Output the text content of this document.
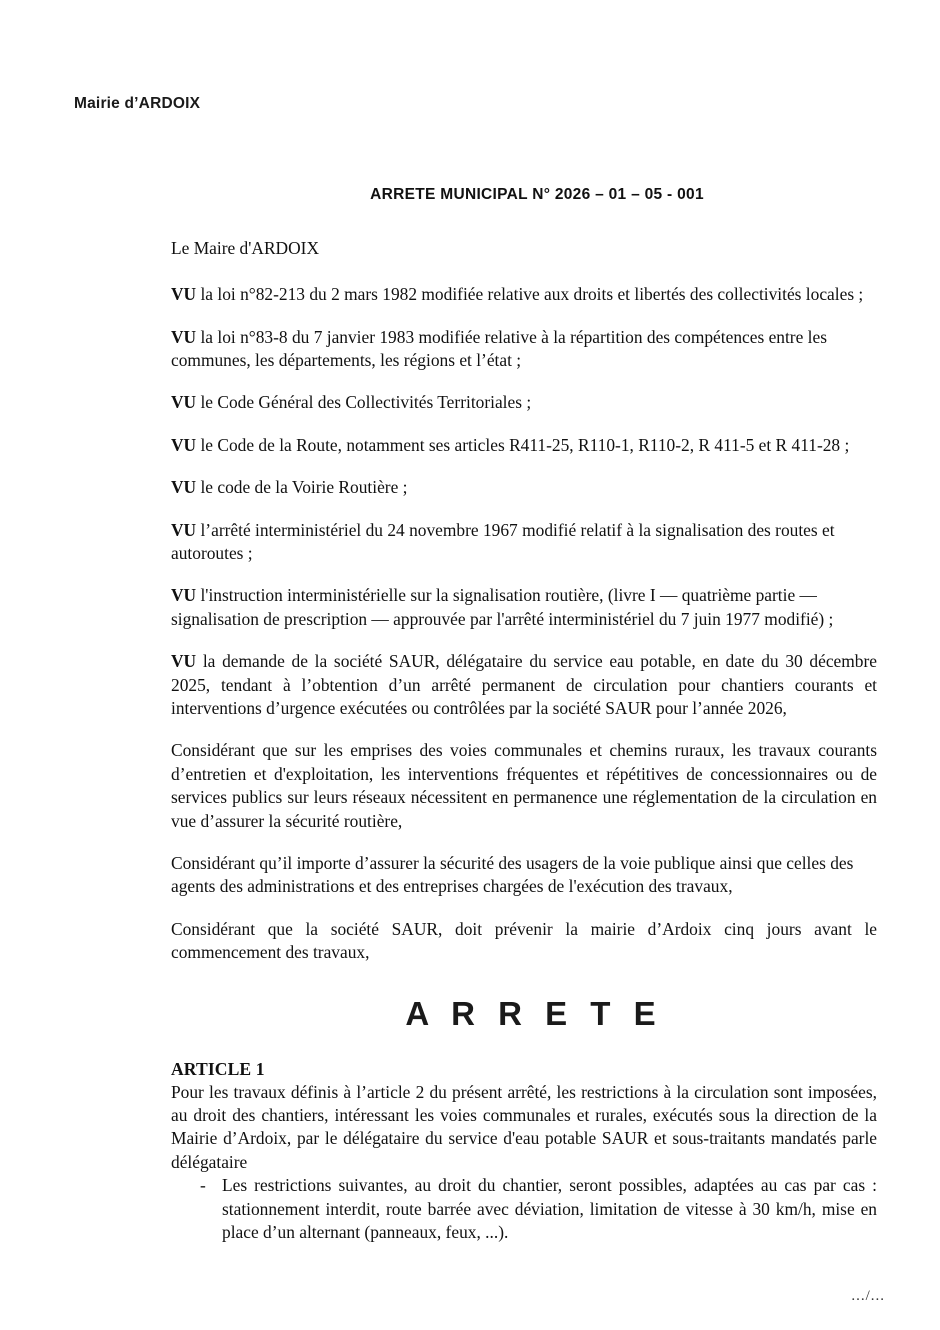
Mairie d’ARDOIX
ARRETE MUNICIPAL N° 2026 – 01 – 05 - 001
Le Maire d'ARDOIX

VU la loi n°82-213 du 2 mars 1982 modifiée relative aux droits et libertés des collectivités locales ;

VU la loi n°83-8 du 7 janvier 1983 modifiée relative à la répartition des compétences entre les communes, les départements, les régions et l’état ;

VU le Code Général des Collectivités Territoriales ;

VU le Code de la Route, notamment ses articles R411-25, R110-1, R110-2, R 411-5 et R 411-28 ;

VU le code de la Voirie Routière ;

VU l’arrêté interministériel du 24 novembre 1967 modifié relatif à la signalisation des routes et autoroutes ;

VU l'instruction interministérielle sur la signalisation routière, (livre I — quatrième partie — signalisation de prescription — approuvée par l'arrêté interministériel du 7 juin 1977 modifié) ;

VU la demande de la société SAUR, délégataire du service eau potable, en date du 30 décembre 2025, tendant à l’obtention d’un arrêté permanent de circulation pour chantiers courants et interventions d’urgence exécutées ou contrôlées par la société SAUR pour l’année 2026,

Considérant que sur les emprises des voies communales et chemins ruraux, les travaux courants d’entretien et d'exploitation, les interventions fréquentes et répétitives de concessionnaires ou de services publics sur leurs réseaux nécessitent en permanence une réglementation de la circulation en vue d’assurer la sécurité routière,

Considérant qu’il importe d’assurer la sécurité des usagers de la voie publique ainsi que celles des agents des administrations et des entreprises chargées de l'exécution des travaux,

Considérant que la société SAUR, doit prévenir la mairie d’Ardoix cinq jours avant le commencement des travaux,

A R R E T E
ARTICLE 1

Pour les travaux définis à l’article 2 du présent arrêté, les restrictions à la circulation sont imposées, au droit des chantiers, intéressant les voies communales et rurales, exécutés sous la direction de la Mairie d’Ardoix, par le délégataire du service d'eau potable SAUR et sous-traitants mandatés parle délégataire

- Les restrictions suivantes, au droit du chantier, seront possibles, adaptées au cas par cas : stationnement interdit, route barrée avec déviation, limitation de vitesse à 30 km/h, mise en place d’un alternant (panneaux, feux, ...).
.../...
